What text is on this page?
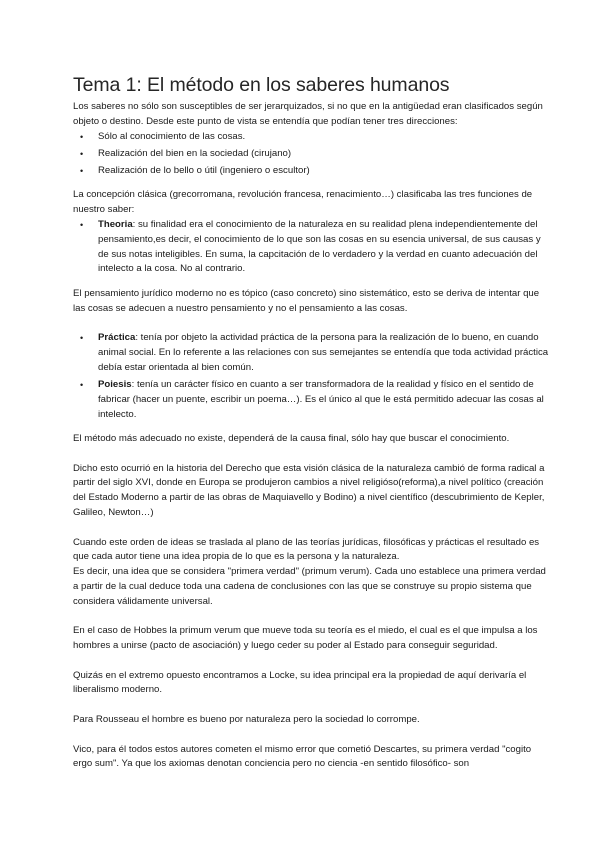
Tema 1: El método en los saberes humanos

Los saberes no sólo son susceptibles de ser jerarquizados, si no que en la antigüedad eran clasificados según objeto o destino. Desde este punto de vista se entendía que podían tener tres direcciones:

• Sólo al conocimiento de las cosas.
• Realización del bien en la sociedad (cirujano)
• Realización de lo bello o útil (ingeniero o escultor)

La concepción clásica (grecorromana, revolución francesa, renacimiento…) clasificaba las tres funciones de nuestro saber:

• Theoria: su finalidad era el conocimiento de la naturaleza en su realidad plena independientemente del pensamiento,es decir, el conocimiento de lo que son las cosas en su esencia universal, de sus causas y de sus notas inteligibles. En suma, la capcitación de lo verdadero y la verdad en cuanto adecuación del intelecto a la cosa. No al contrario.

El pensamiento jurídico moderno no es tópico (caso concreto) sino sistemático, esto se deriva de intentar que las cosas se adecuen a nuestro pensamiento y no el pensamiento a las cosas.

• Práctica: tenía por objeto la actividad práctica de la persona para la realización de lo bueno, en cuando animal social. En lo referente a las relaciones con sus semejantes se entendía que toda actividad práctica debía estar orientada al bien común.
• Poiesis: tenía un carácter físico en cuanto a ser transformadora de la realidad y físico en el sentido de fabricar (hacer un puente, escribir un poema…). Es el único al que le está permitido adecuar las cosas al intelecto.

El método más adecuado no existe, dependerá de la causa final, sólo hay que buscar el conocimiento.

Dicho esto ocurrió en la historia del Derecho que esta visión clásica de la naturaleza cambió de forma radical a partir del siglo XVI, donde en Europa se produjeron cambios a nivel religióso(reforma),a nivel político (creación del Estado Moderno a partir de las obras de Maquiavello y Bodino) a nivel científico (descubrimiento de Kepler, Galileo, Newton…)

Cuando este orden de ideas se traslada al plano de las teorías jurídicas, filosóficas y prácticas el resultado es que cada autor tiene una idea propia de lo que es la persona y la naturaleza.

Es decir, una idea que se considera "primera verdad" (primum verum). Cada uno establece una primera verdad a partir de la cual deduce toda una cadena de conclusiones con las que se construye su propio sistema que considera válidamente universal.

En el caso de Hobbes la primum verum que mueve toda su teoría es el miedo, el cual es el que impulsa a los hombres a unirse (pacto de asociación) y luego ceder su poder al Estado para conseguir seguridad.

Quizás en el extremo opuesto encontramos a Locke, su idea principal era la propiedad de aquí derivaría el liberalismo moderno.

Para Rousseau el hombre es bueno por naturaleza pero la sociedad lo corrompe.

Vico, para él todos estos autores cometen el mismo error que cometió Descartes, su primera verdad "cogito ergo sum". Ya que los axiomas denotan conciencia pero no ciencia -en sentido filosófico- son
